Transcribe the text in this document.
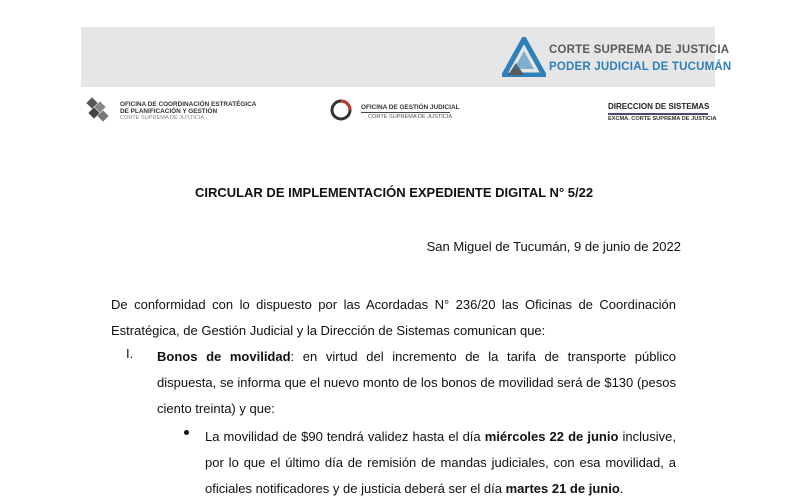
CORTE SUPREMA DE JUSTICIA
PODER JUDICIAL DE TUCUMÁN
OFICINA DE COORDINACIÓN ESTRATÉGICA
DE PLANIFICACIÓN Y GESTIÓN
CORTE SUPREMA DE JUSTICIA
OFICINA DE GESTIÓN JUDICIAL
CORTE SUPREMA DE JUSTICIA
DIRECCION DE SISTEMAS
EXCMA. CORTE SUPREMA DE JUSTICIA
CIRCULAR DE IMPLEMENTACIÓN EXPEDIENTE DIGITAL N° 5/22
San Miguel de Tucumán, 9 de junio de 2022
De conformidad con lo dispuesto por las Acordadas N° 236/20 las Oficinas de Coordinación Estratégica, de Gestión Judicial y la Dirección de Sistemas comunican que:
I. Bonos de movilidad: en virtud del incremento de la tarifa de transporte público dispuesta, se informa que el nuevo monto de los bonos de movilidad será de $130 (pesos ciento treinta) y que:
La movilidad de $90 tendrá validez hasta el día miércoles 22 de junio inclusive, por lo que el último día de remisión de mandas judiciales, con esa movilidad, a oficiales notificadores y de justicia deberá ser el día martes 21 de junio.
